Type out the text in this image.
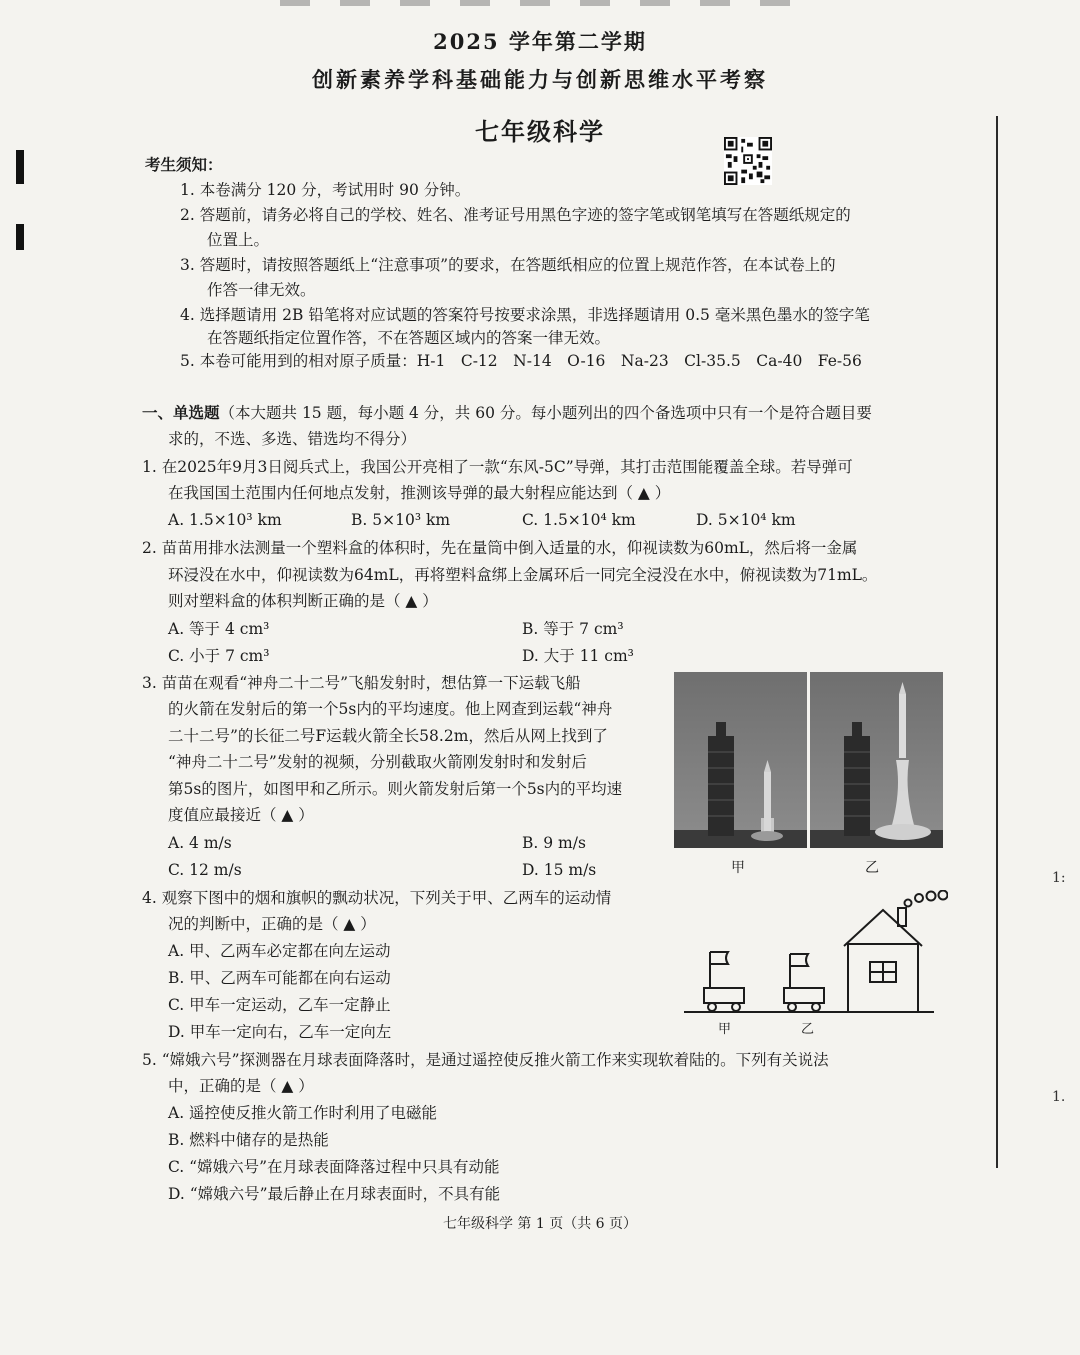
2025 学年第二学期
创新素养学科基础能力与创新思维水平考察
七年级科学
考生须知：
1. 本卷满分 120 分，考试用时 90 分钟。
2. 答题前，请务必将自己的学校、姓名、准考证号用黑色字迹的签字笔或钢笔填写在答题纸规定的
位置上。
3. 答题时，请按照答题纸上“注意事项”的要求，在答题纸相应的位置上规范作答，在本试卷上的
作答一律无效。
4. 选择题请用 2B 铅笔将对应试题的答案符号按要求涂黑，非选择题请用 0.5 毫米黑色墨水的签字笔
在答题纸指定位置作答，不在答题区域内的答案一律无效。
5. 本卷可能用到的相对原子质量：H-1　C-12　N-14　O-16　Na-23　Cl-35.5　Ca-40　Fe-56
一、单选题（本大题共 15 题，每小题 4 分，共 60 分。每小题列出的四个备选项中只有一个是符合题目要
求的，不选、多选、错选均不得分）
1. 在2025年9月3日阅兵式上，我国公开亮相了一款“东风-5C”导弹，其打击范围能覆盖全球。若导弹可
在我国国土范围内任何地点发射，推测该导弹的最大射程应能达到（ ▲ ）
A. 1.5×10³ km	B. 5×10³ km	C. 1.5×10⁴ km	D. 5×10⁴ km
2. 苗苗用排水法测量一个塑料盒的体积时，先在量筒中倒入适量的水，仰视读数为60mL，然后将一金属
环浸没在水中，仰视读数为64mL，再将塑料盒绑上金属环后一同完全浸没在水中，俯视读数为71mL。
则对塑料盒的体积判断正确的是（ ▲ ）
A. 等于 4 cm³	B. 等于 7 cm³
C. 小于 7 cm³	D. 大于 11 cm³
3. 苗苗在观看“神舟二十二号”飞船发射时，想估算一下运载飞船
的火箭在发射后的第一个5s内的平均速度。他上网查到运载“神舟
二十二号”的长征二号F运载火箭全长58.2m，然后从网上找到了
“神舟二十二号”发射的视频，分别截取火箭刚发射时和发射后
第5s的图片，如图甲和乙所示。则火箭发射后第一个5s内的平均速
度值应最接近（ ▲ ）
A. 4 m/s	B. 9 m/s
C. 12 m/s	D. 15 m/s	甲	乙
4. 观察下图中的烟和旗帜的飘动状况，下列关于甲、乙两车的运动情
况的判断中，正确的是（ ▲ ）
A. 甲、乙两车必定都在向左运动
B. 甲、乙两车可能都在向右运动
C. 甲车一定运动，乙车一定静止
D. 甲车一定向右，乙车一定向左	甲	乙
5. “嫦娥六号”探测器在月球表面降落时，是通过遥控使反推火箭工作来实现软着陆的。下列有关说法
中，正确的是（ ▲ ）
A. 遥控使反推火箭工作时利用了电磁能
B. 燃料中储存的是热能
C. “嫦娥六号”在月球表面降落过程中只具有动能
D. “嫦娥六号”最后静止在月球表面时，不具有能
七年级科学 第 1 页（共 6 页）
1:
1.
